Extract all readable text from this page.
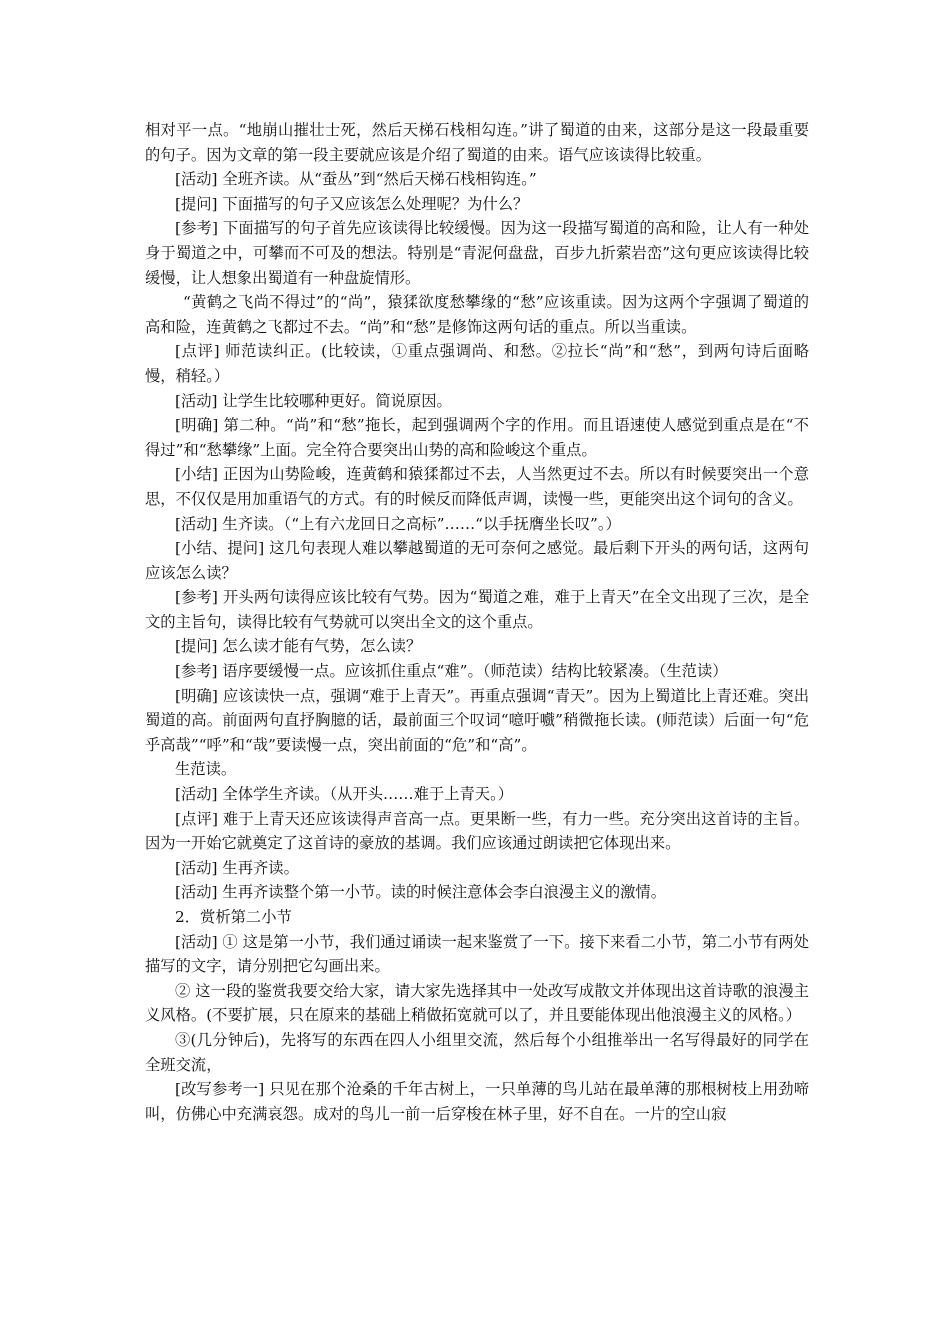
相对平一点。“地崩山摧壮士死，然后天梯石栈相勾连。”讲了蜀道的由来，这部分是这一段最重要的句子。因为文章的第一段主要就应该是介绍了蜀道的由来。语气应该读得比较重。

[活动] 全班齐读。从“蚕丛”到“然后天梯石栈相钩连。”

[提问] 下面描写的句子又应该怎么处理呢？为什么？

[参考] 下面描写的句子首先应该读得比较缓慢。因为这一段描写蜀道的高和险，让人有一种处身于蜀道之中，可攀而不可及的想法。特别是“青泥何盘盘，百步九折萦岩峦”这句更应该读得比较缓慢，让人想象出蜀道有一种盘旋情形。

“黄鹤之飞尚不得过”的“尚”，猿猱欲度愁攀缘的“愁”应该重读。因为这两个字强调了蜀道的高和险，连黄鹤之飞都过不去。“尚”和“愁”是修饰这两句话的重点。所以当重读。

[点评] 师范读纠正。(比较读，①重点强调尚、和愁。②拉长“尚”和“愁”，到两句诗后面略慢，稍轻。）

[活动] 让学生比较哪种更好。简说原因。

[明确] 第二种。“尚”和“愁”拖长，起到强调两个字的作用。而且语速使人感觉到重点是在“不得过”和“愁攀缘”上面。完全符合要突出山势的高和险峻这个重点。

[小结] 正因为山势险峻，连黄鹤和猿猱都过不去，人当然更过不去。所以有时候要突出一个意思，不仅仅是用加重语气的方式。有的时候反而降低声调，读慢一些，更能突出这个词句的含义。

[活动] 生齐读。（“上有六龙回日之高标”……“以手抚膺坐长叹”。）

[小结、提问] 这几句表现人难以攀越蜀道的无可奈何之感觉。最后剩下开头的两句话，这两句应该怎么读？

[参考] 开头两句读得应该比较有气势。因为“蜀道之难，难于上青天”在全文出现了三次，是全文的主旨句，读得比较有气势就可以突出全文的这个重点。

[提问] 怎么读才能有气势，怎么读？

[参考] 语序要缓慢一点。应该抓住重点“难”。（师范读）结构比较紧凑。（生范读）

[明确] 应该读快一点，强调“难于上青天”。再重点强调“青天”。因为上蜀道比上青还难。突出蜀道的高。前面两句直抒胸臆的话，最前面三个叹词“噫吁嚱”稍微拖长读。(师范读）后面一句“危乎高哉”“呼”和“哉”要读慢一点，突出前面的“危”和“高”。

生范读。

[活动] 全体学生齐读。（从开头……难于上青天。）

[点评] 难于上青天还应该读得声音高一点。更果断一些，有力一些。充分突出这首诗的主旨。因为一开始它就奠定了这首诗的豪放的基调。我们应该通过朗读把它体现出来。

[活动] 生再齐读。

[活动] 生再齐读整个第一小节。读的时候注意体会李白浪漫主义的激情。

2．赏析第二小节

[活动] ① 这是第一小节，我们通过诵读一起来鉴赏了一下。接下来看二小节，第二小节有两处描写的文字，请分别把它勾画出来。

② 这一段的鉴赏我要交给大家，请大家先选择其中一处改写成散文并体现出这首诗歌的浪漫主义风格。(不要扩展，只在原来的基础上稍做拓宽就可以了，并且要能体现出他浪漫主义的风格。）

③(几分钟后)，先将写的东西在四人小组里交流，然后每个小组推举出一名写得最好的同学在全班交流，

[改写参考一] 只见在那个沧桑的千年古树上，一只单薄的鸟儿站在最单薄的那根树枝上用劲啼叫，仿佛心中充满哀怨。成对的鸟儿一前一后穿梭在林子里，好不自在。一片的空山寂
